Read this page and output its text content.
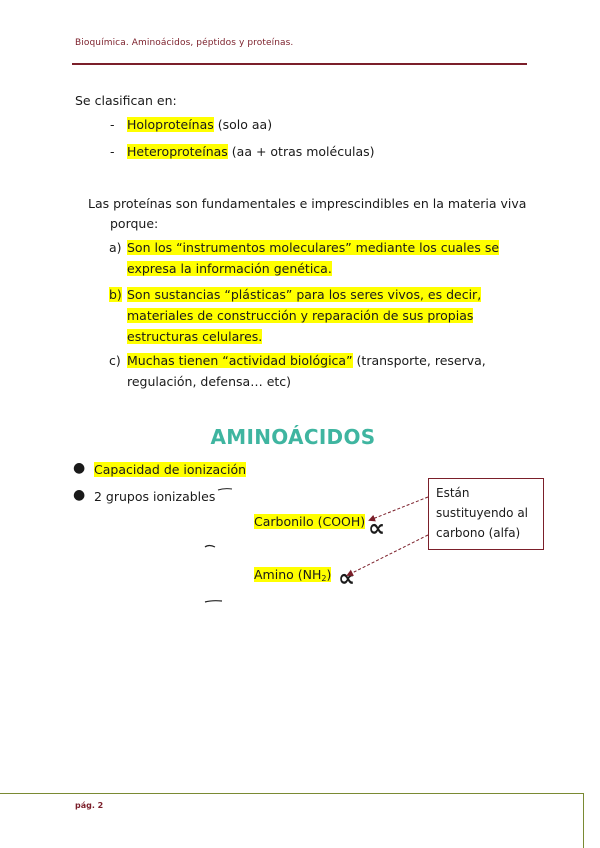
Bioquímica. Aminoácidos, péptidos y proteínas.
Se clasifican en:
- Holoproteínas (solo aa)
- Heteroproteínas (aa + otras moléculas)
Las proteínas son fundamentales e imprescindibles en la materia viva
porque:
a) Son los “instrumentos moleculares” mediante los cuales se
expresa la información genética.
b) Son sustancias “plásticas” para los seres vivos, es decir,
materiales de construcción y reparación de sus propias
estructuras celulares.
c) Muchas tienen “actividad biológica” (transporte, reserva,
regulación, defensa… etc)
AMINOÁCIDOS
● Capacidad de ionización
● 2 grupos ionizables
Carbonilo (COOH) ∝
Amino $(NH_2)$ ∝
Están sustituyendo al carbono (alfa)
pág. 2
